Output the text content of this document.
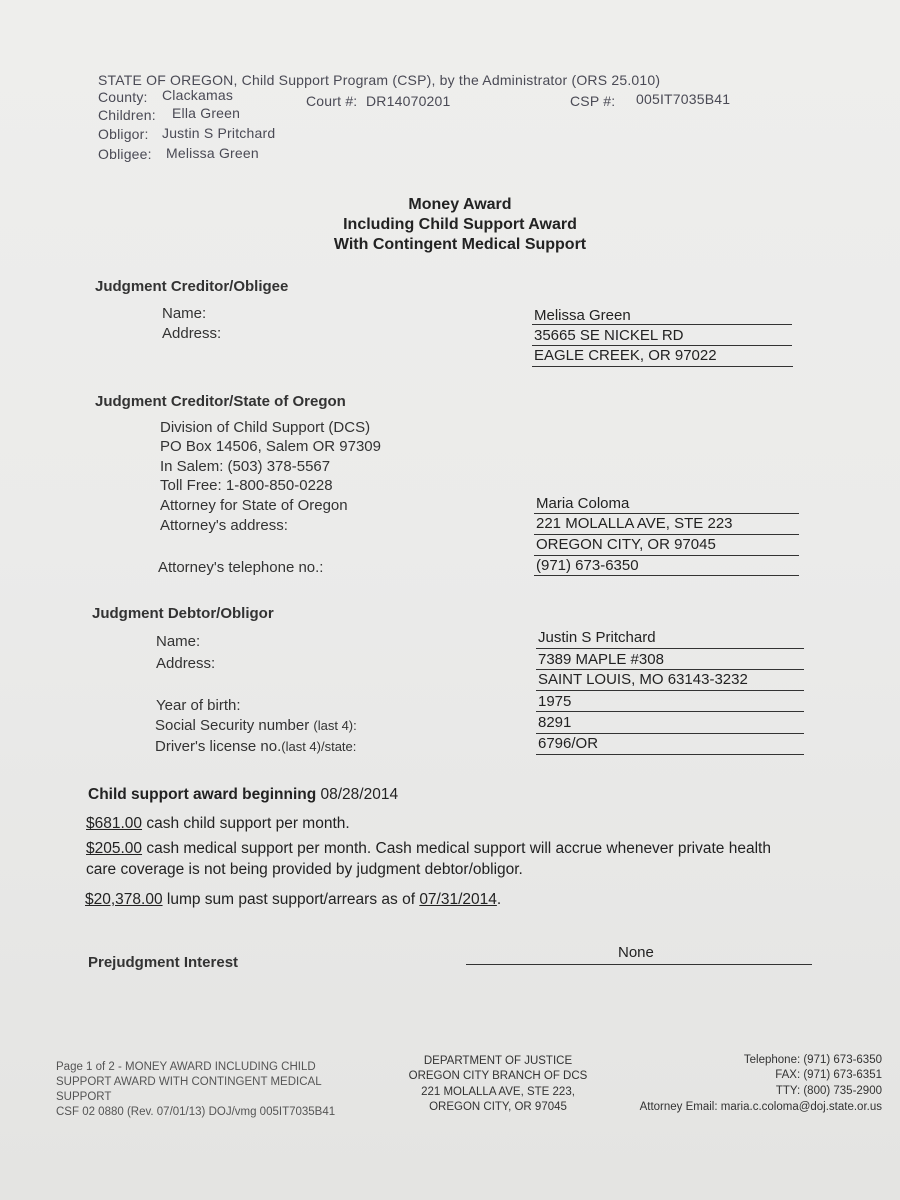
STATE OF OREGON, Child Support Program (CSP), by the Administrator (ORS 25.010)
County: Clackamas	Court #: DR14070201	CSP #: 005IT7035B41
Children: Ella Green
Obligor: Justin S Pritchard
Obligee: Melissa Green
Money Award
Including Child Support Award
With Contingent Medical Support
Judgment Creditor/Obligee
Name:
Address:
Melissa Green
35665 SE NICKEL RD
EAGLE CREEK, OR 97022
Judgment Creditor/State of Oregon
Division of Child Support (DCS)
PO Box 14506, Salem OR 97309
In Salem: (503) 378-5567
Toll Free: 1-800-850-0228
Attorney for State of Oregon
Attorney's address:
Attorney's telephone no.:
Maria Coloma
221 MOLALLA AVE, STE 223
OREGON CITY, OR 97045
(971) 673-6350
Judgment Debtor/Obligor
Name:
Address:
Year of birth:
Social Security number (last 4):
Driver's license no.(last 4)/state:
Justin S Pritchard
7389 MAPLE #308
SAINT LOUIS, MO 63143-3232
1975
8291
6796/OR
Child support award beginning 08/28/2014
$681.00 cash child support per month.
$205.00 cash medical support per month. Cash medical support will accrue whenever private health
care coverage is not being provided by judgment debtor/obligor.
$20,378.00 lump sum past support/arrears as of 07/31/2014.
Prejudgment Interest
None
Page 1 of 2 - MONEY AWARD INCLUDING CHILD
SUPPORT AWARD WITH CONTINGENT MEDICAL
SUPPORT
CSF 02 0880 (Rev. 07/01/13) DOJ/vmg 005IT7035B41
DEPARTMENT OF JUSTICE
OREGON CITY BRANCH OF DCS
221 MOLALLA AVE, STE 223,
OREGON CITY, OR 97045
Telephone: (971) 673-6350
FAX: (971) 673-6351
TTY: (800) 735-2900
Attorney Email: maria.c.coloma@doj.state.or.us
